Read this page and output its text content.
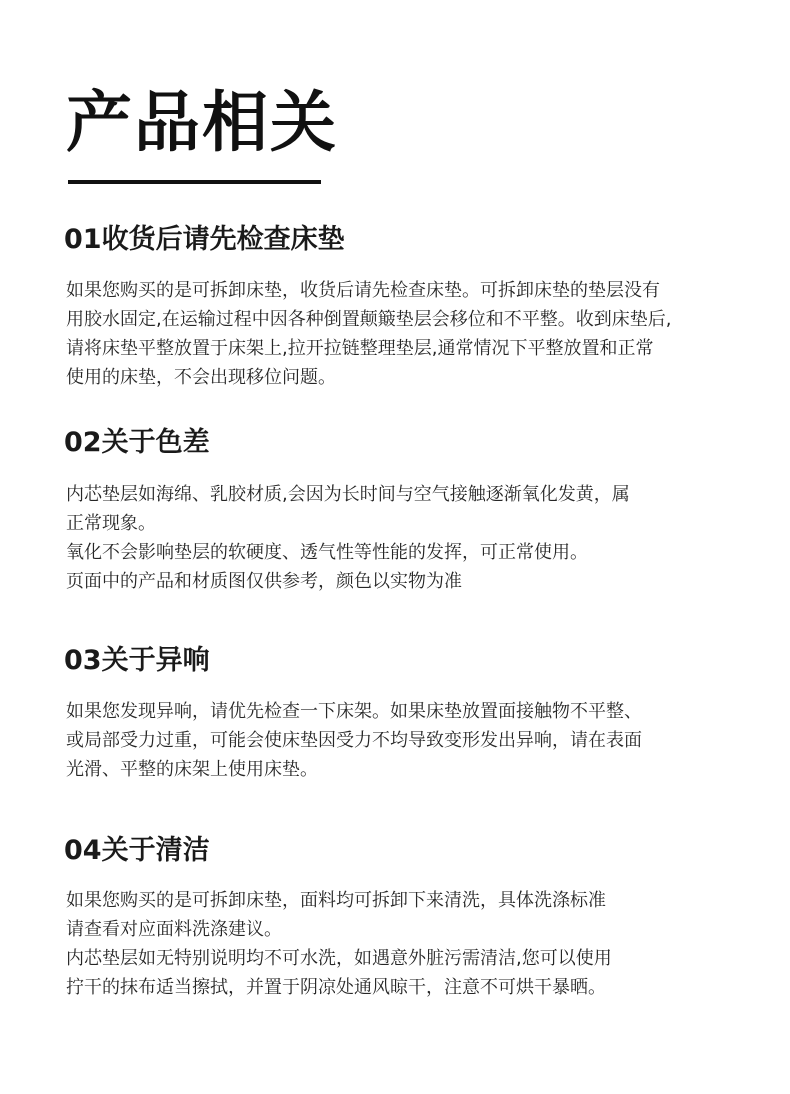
产品相关
01收货后请先检查床垫
如果您购买的是可拆卸床垫，收货后请先检查床垫。可拆卸床垫的垫层没有
用胶水固定,在运输过程中因各种倒置颠簸垫层会移位和不平整。收到床垫后,
请将床垫平整放置于床架上,拉开拉链整理垫层,通常情况下平整放置和正常
使用的床垫，不会出现移位问题。
02关于色差
内芯垫层如海绵、乳胶材质,会因为长时间与空气接触逐渐氧化发黄，属
正常现象。
氧化不会影响垫层的软硬度、透气性等性能的发挥，可正常使用。
页面中的产品和材质图仅供参考，颜色以实物为准
03关于异响
如果您发现异响，请优先检查一下床架。如果床垫放置面接触物不平整、
或局部受力过重，可能会使床垫因受力不均导致变形发出异响，请在表面
光滑、平整的床架上使用床垫。
04关于清洁
如果您购买的是可拆卸床垫，面料均可拆卸下来清洗，具体洗涤标准
请查看对应面料洗涤建议。
内芯垫层如无特别说明均不可水洗，如遇意外脏污需清洁,您可以使用
拧干的抹布适当擦拭，并置于阴凉处通风晾干，注意不可烘干暴晒。
